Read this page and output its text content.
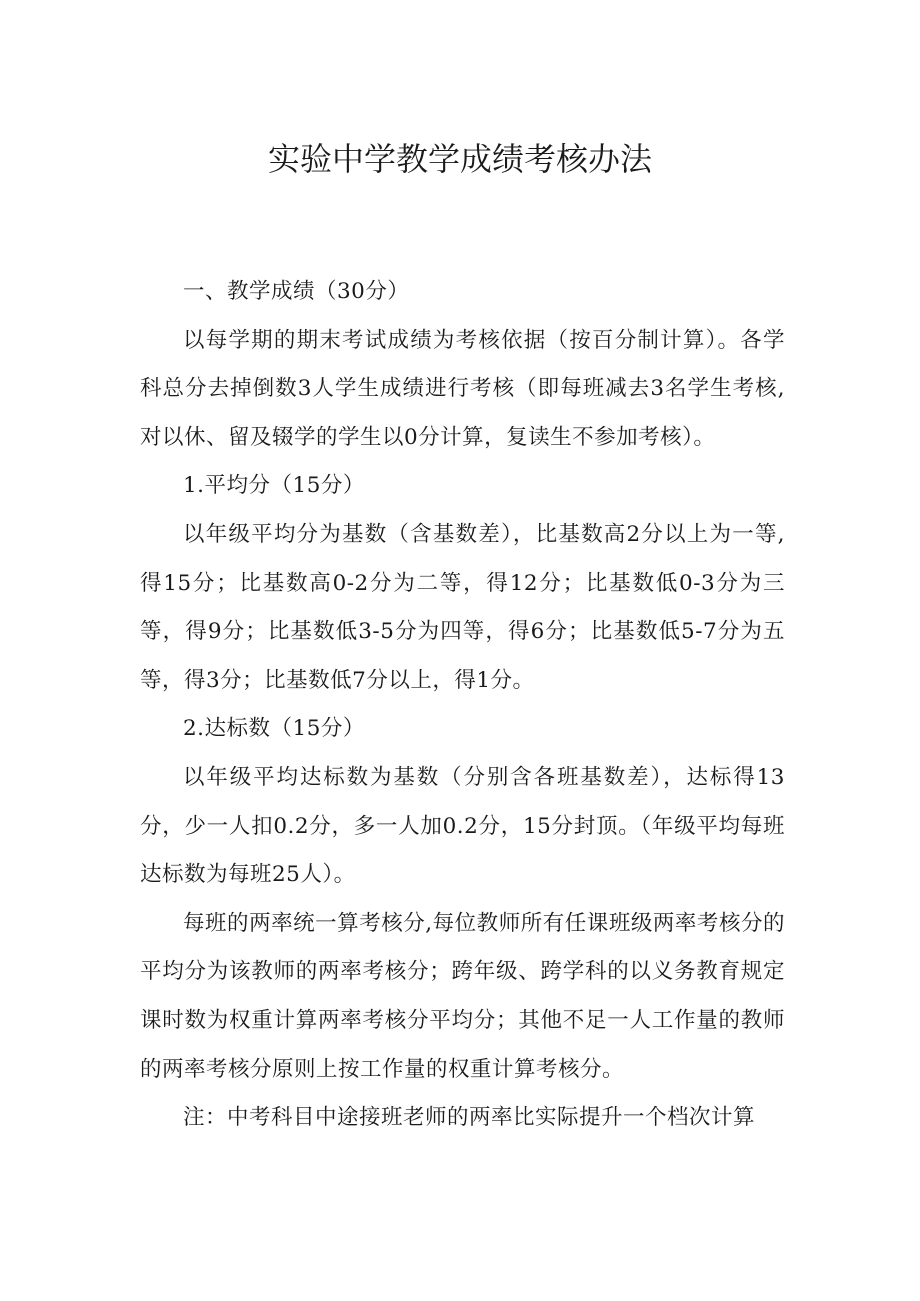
实验中学教学成绩考核办法

一、教学成绩（30分）

以每学期的期末考试成绩为考核依据（按百分制计算）。各学科总分去掉倒数3人学生成绩进行考核（即每班减去3名学生考核,对以休、留及辍学的学生以0分计算，复读生不参加考核）。

1.平均分（15分）

以年级平均分为基数（含基数差），比基数高2分以上为一等,得15分；比基数高0-2分为二等，得12分；比基数低0-3分为三等，得9分；比基数低3-5分为四等，得6分；比基数低5-7分为五等，得3分；比基数低7分以上，得1分。

2.达标数（15分）

以年级平均达标数为基数（分别含各班基数差），达标得13分，少一人扣0.2分，多一人加0.2分，15分封顶。（年级平均每班达标数为每班25人）。

每班的两率统一算考核分,每位教师所有任课班级两率考核分的平均分为该教师的两率考核分；跨年级、跨学科的以义务教育规定课时数为权重计算两率考核分平均分；其他不足一人工作量的教师的两率考核分原则上按工作量的权重计算考核分。

注：中考科目中途接班老师的两率比实际提升一个档次计算
